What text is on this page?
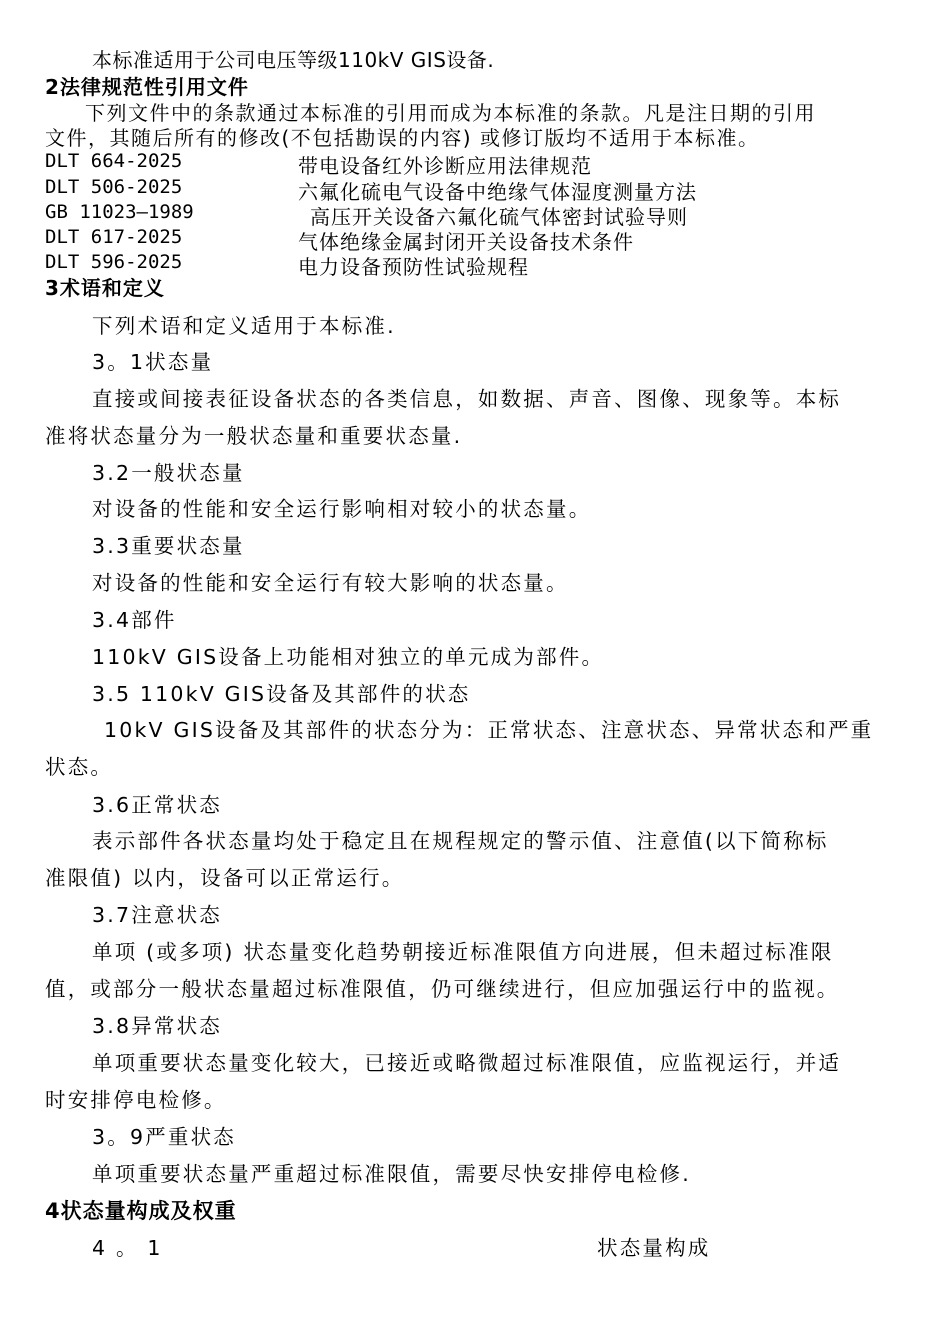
本标准适用于公司电压等级110kV GIS设备.
2法律规范性引用文件
下列文件中的条款通过本标准的引用而成为本标准的条款。凡是注日期的引用
文件，其随后所有的修改(不包括勘误的内容) 或修订版均不适用于本标准。
DLT 664-2025	带电设备红外诊断应用法律规范
DLT 506-2025	六氟化硫电气设备中绝缘气体湿度测量方法
GB 11023—1989	高压开关设备六氟化硫气体密封试验导则
DLT 617-2025	气体绝缘金属封闭开关设备技术条件
DLT 596-2025	电力设备预防性试验规程
3术语和定义
下列术语和定义适用于本标准.
3。1状态量
直接或间接表征设备状态的各类信息，如数据、声音、图像、现象等。本标
准将状态量分为一般状态量和重要状态量.
3.2一般状态量
对设备的性能和安全运行影响相对较小的状态量。
3.3重要状态量
对设备的性能和安全运行有较大影响的状态量。
3.4部件
110kV GIS设备上功能相对独立的单元成为部件。
3.5 110kV GIS设备及其部件的状态
10kV GIS设备及其部件的状态分为：正常状态、注意状态、异常状态和严重
状态。
3.6正常状态
表示部件各状态量均处于稳定且在规程规定的警示值、注意值(以下简称标
准限值) 以内，设备可以正常运行。
3.7注意状态
单项 (或多项) 状态量变化趋势朝接近标准限值方向进展，但未超过标准限
值，或部分一般状态量超过标准限值，仍可继续进行，但应加强运行中的监视。
3.8异常状态
单项重要状态量变化较大，已接近或略微超过标准限值，应监视运行，并适
时安排停电检修。
3。9严重状态
单项重要状态量严重超过标准限值，需要尽快安排停电检修.
4状态量构成及权重
4 。 1	状态量构成
